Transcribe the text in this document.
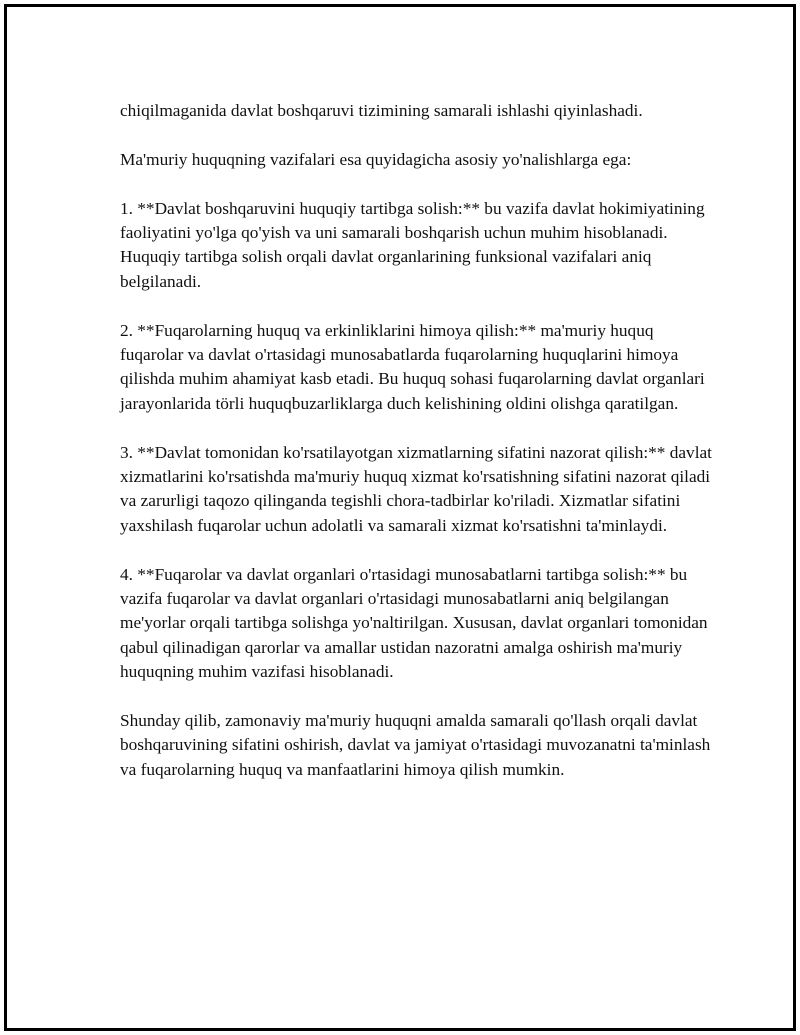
chiqilmaganida davlat boshqaruvi tizimining samarali ishlashi qiyinlashadi.

Ma'muriy huquqning vazifalari esa quyidagicha asosiy yo'nalishlarga ega:

1. **Davlat boshqaruvini huquqiy tartibga solish:** bu vazifa davlat hokimiyatining faoliyatini yo'lga qo'yish va uni samarali boshqarish uchun muhim hisoblanadi. Huquqiy tartibga solish orqali davlat organlarining funksional vazifalari aniq belgilanadi.

2. **Fuqarolarning huquq va erkinliklarini himoya qilish:** ma'muriy huquq fuqarolar va davlat o'rtasidagi munosabatlarda fuqarolarning huquqlarini himoya qilishda muhim ahamiyat kasb etadi. Bu huquq sohasi fuqarolarning davlat organlari jarayonlarida törli huquqbuzarliklarga duch kelishining oldini olishga qaratilgan.

3. **Davlat tomonidan ko'rsatilayotgan xizmatlarning sifatini nazorat qilish:** davlat xizmatlarini ko'rsatishda ma'muriy huquq xizmat ko'rsatishning sifatini nazorat qiladi va zarurligi taqozo qilinganda tegishli chora-tadbirlar ko'riladi. Xizmatlar sifatini yaxshilash fuqarolar uchun adolatli va samarali xizmat ko'rsatishni ta'minlaydi.

4. **Fuqarolar va davlat organlari o'rtasidagi munosabatlarni tartibga solish:** bu vazifa fuqarolar va davlat organlari o'rtasidagi munosabatlarni aniq belgilangan me'yorlar orqali tartibga solishga yo'naltirilgan. Xususan, davlat organlari tomonidan qabul qilinadigan qarorlar va amallar ustidan nazoratni amalga oshirish ma'muriy huquqning muhim vazifasi hisoblanadi.

Shunday qilib, zamonaviy ma'muriy huquqni amalda samarali qo'llash orqali davlat boshqaruvining sifatini oshirish, davlat va jamiyat o'rtasidagi muvozanatni ta'minlash va fuqarolarning huquq va manfaatlarini himoya qilish mumkin.
